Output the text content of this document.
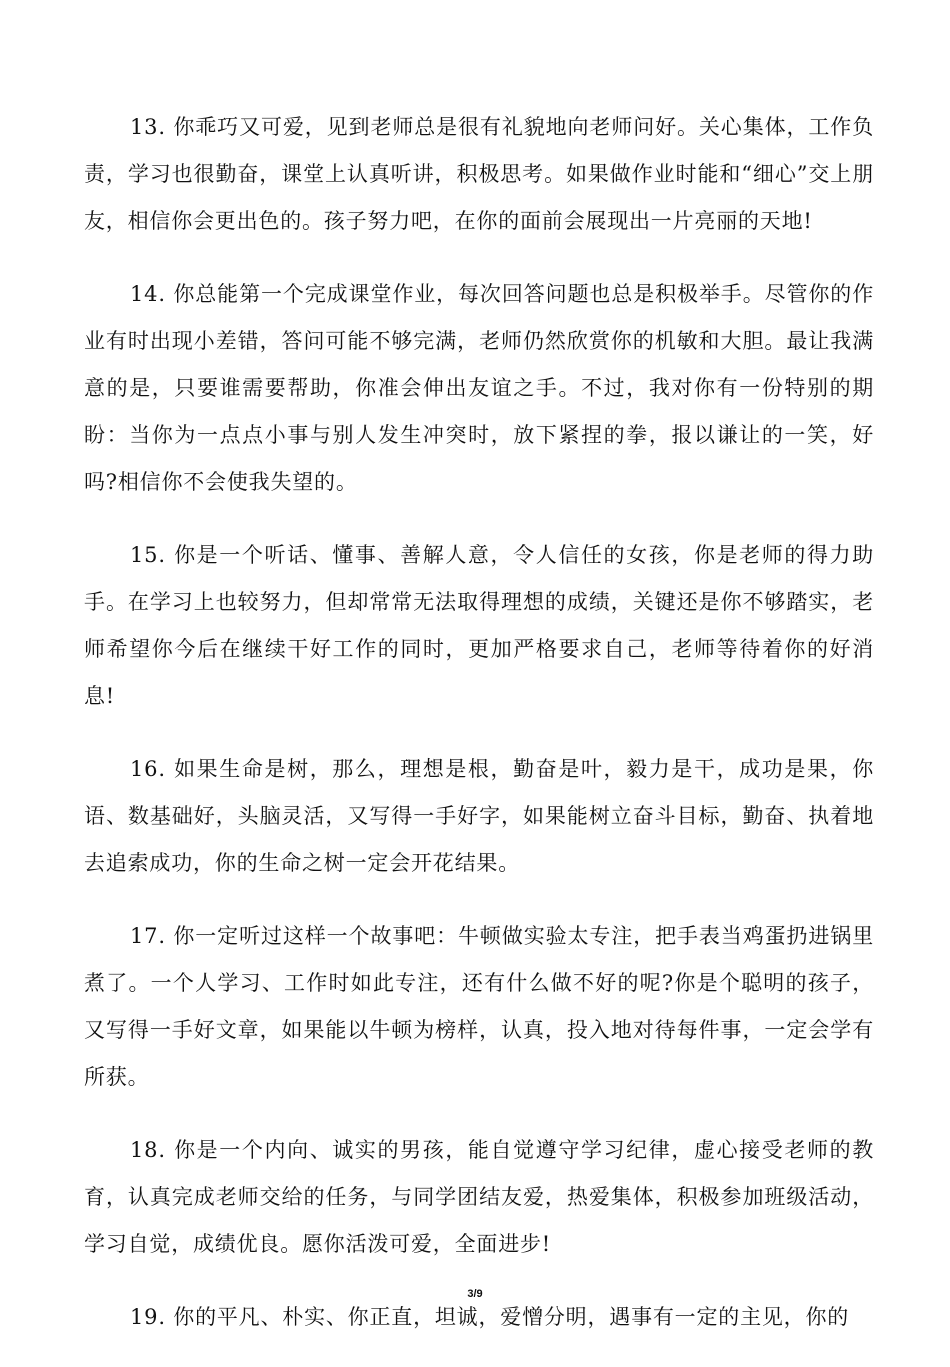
13. 你乖巧又可爱，见到老师总是很有礼貌地向老师问好。关心集体，工作负责，学习也很勤奋，课堂上认真听讲，积极思考。如果做作业时能和“细心”交上朋友，相信你会更出色的。孩子努力吧，在你的面前会展现出一片亮丽的天地!

14. 你总能第一个完成课堂作业，每次回答问题也总是积极举手。尽管你的作业有时出现小差错，答问可能不够完满，老师仍然欣赏你的机敏和大胆。最让我满意的是，只要谁需要帮助，你准会伸出友谊之手。不过，我对你有一份特别的期盼：当你为一点点小事与别人发生冲突时，放下紧捏的拳，报以谦让的一笑，好吗?相信你不会使我失望的。

15. 你是一个听话、懂事、善解人意，令人信任的女孩，你是老师的得力助手。在学习上也较努力，但却常常无法取得理想的成绩，关键还是你不够踏实，老师希望你今后在继续干好工作的同时，更加严格要求自己，老师等待着你的好消息!

16. 如果生命是树，那么，理想是根，勤奋是叶，毅力是干，成功是果，你语、数基础好，头脑灵活，又写得一手好字，如果能树立奋斗目标，勤奋、执着地去追索成功，你的生命之树一定会开花结果。

17. 你一定听过这样一个故事吧：牛顿做实验太专注，把手表当鸡蛋扔进锅里煮了。一个人学习、工作时如此专注，还有什么做不好的呢?你是个聪明的孩子，又写得一手好文章，如果能以牛顿为榜样，认真，投入地对待每件事，一定会学有所获。

18. 你是一个内向、诚实的男孩，能自觉遵守学习纪律，虚心接受老师的教育，认真完成老师交给的任务，与同学团结友爱，热爱集体，积极参加班级活动，学习自觉，成绩优良。愿你活泼可爱，全面进步!

19. 你的平凡、朴实、你正直，坦诚，爱憎分明，遇事有一定的主见，你的

3/9
